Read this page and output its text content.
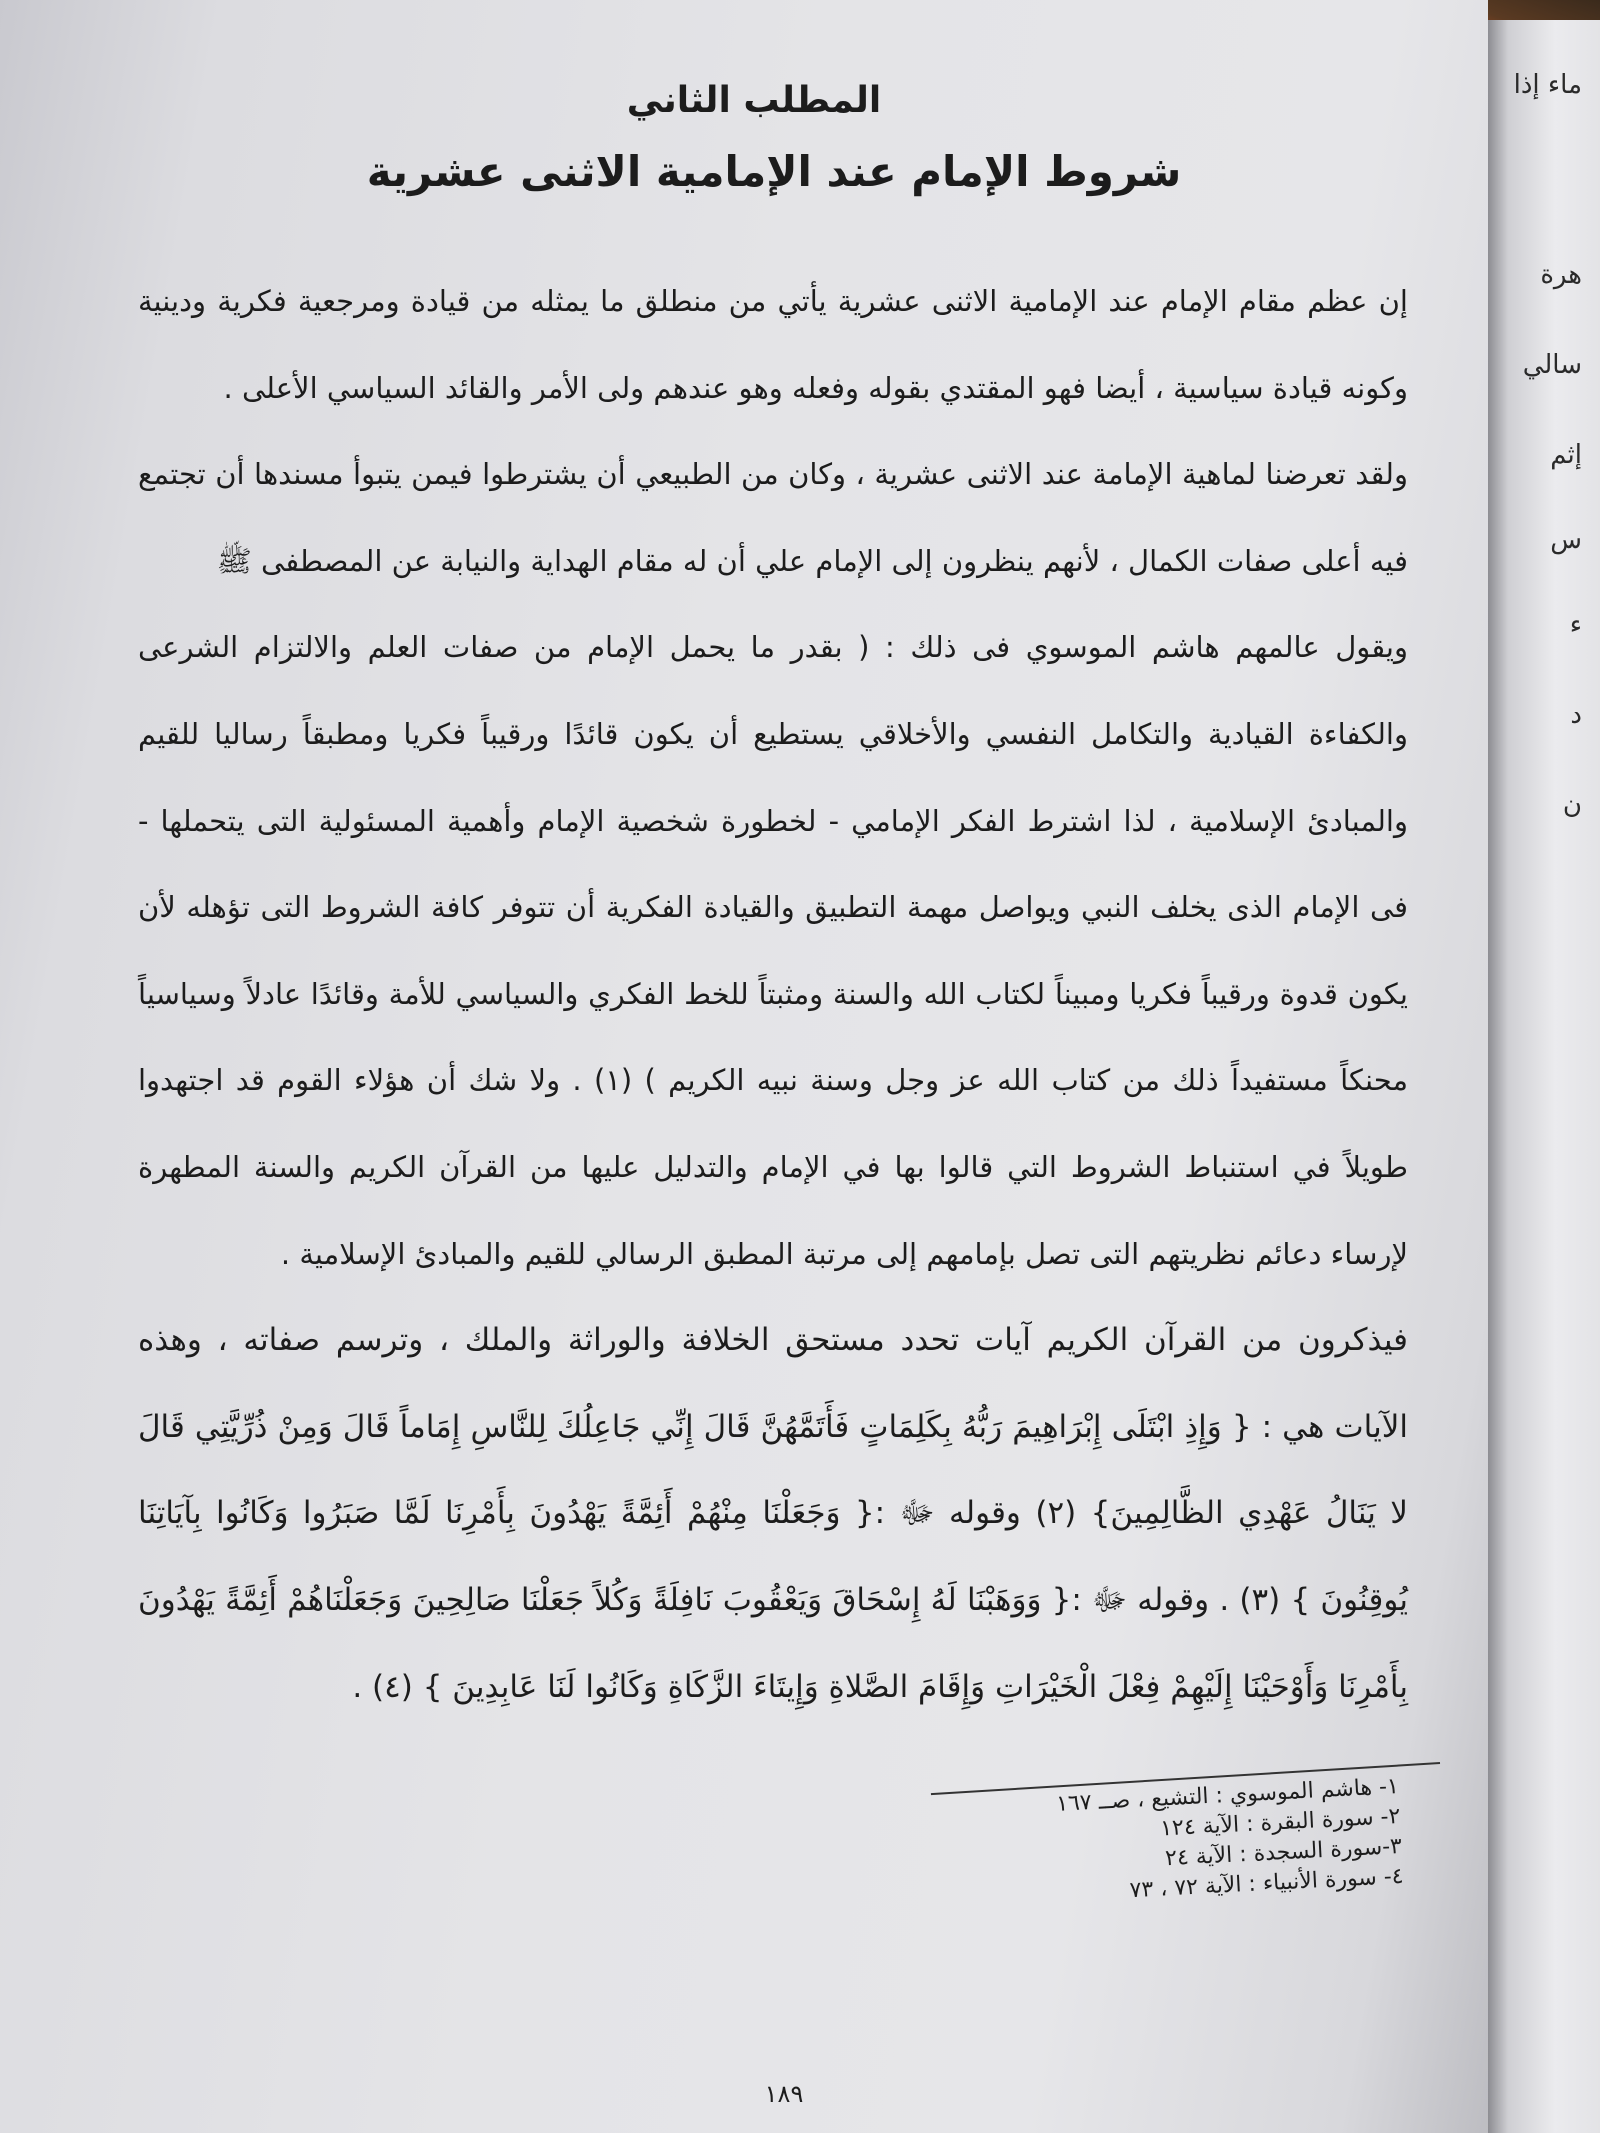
ماء إذا
هرة
سالي
إثم
س
ء
د
ن
المطلب الثاني
شروط الإمام عند الإمامية الاثنى عشرية

إن عظم مقام الإمام عند الإمامية الاثنى عشرية يأتي من منطلق ما يمثله من قيادة ومرجعية فكرية ودينية وكونه قيادة سياسية ، أيضا فهو المقتدي بقوله وفعله وهو عندهم ولى الأمر والقائد السياسي الأعلى .

ولقد تعرضنا لماهية الإمامة عند الاثنى عشرية ، وكان من الطبيعي أن يشترطوا فيمن يتبوأ مسندها أن تجتمع فيه أعلى صفات الكمال ، لأنهم ينظرون إلى الإمام علي أن له مقام الهداية والنيابة عن المصطفى ﷺ

ويقول عالمهم هاشم الموسوي فى ذلك : ( بقدر ما يحمل الإمام من صفات العلم والالتزام الشرعى والكفاءة القيادية والتكامل النفسي والأخلاقي يستطيع أن يكون قائدًا ورقيباً فكريا ومطبقاً رساليا للقيم والمبادئ الإسلامية ، لذا اشترط الفكر الإمامي - لخطورة شخصية الإمام وأهمية المسئولية التى يتحملها - فى الإمام الذى يخلف النبي ويواصل مهمة التطبيق والقيادة الفكرية أن تتوفر كافة الشروط التى تؤهله لأن يكون قدوة ورقيباً فكريا ومبيناً لكتاب الله والسنة ومثبتاً للخط الفكري والسياسي للأمة وقائدًا عادلاً وسياسياً محنكاً مستفيداً ذلك من كتاب الله عز وجل وسنة نبيه الكريم ) (١) . ولا شك أن هؤلاء القوم قد اجتهدوا طويلاً في استنباط الشروط التي قالوا بها في الإمام والتدليل عليها من القرآن الكريم والسنة المطهرة لإرساء دعائم نظريتهم التى تصل بإمامهم إلى مرتبة المطبق الرسالي للقيم والمبادئ الإسلامية .

فيذكرون من القرآن الكريم آيات تحدد مستحق الخلافة والوراثة والملك ، وترسم صفاته ، وهذه الآيات هي : { وَإِذِ ابْتَلَى إِبْرَاهِيمَ رَبُّهُ بِكَلِمَاتٍ فَأَتَمَّهُنَّ قَالَ إِنِّي جَاعِلُكَ لِلنَّاسِ إِمَاماً قَالَ وَمِنْ ذُرِّيَّتِي قَالَ لا يَنَالُ عَهْدِي الظَّالِمِينَ} (٢) وقوله ﷻ :{ وَجَعَلْنَا مِنْهُمْ أَئِمَّةً يَهْدُونَ بِأَمْرِنَا لَمَّا صَبَرُوا وَكَانُوا بِآيَاتِنَا يُوقِنُونَ } (٣) . وقوله ﷻ :{ وَوَهَبْنَا لَهُ إِسْحَاقَ وَيَعْقُوبَ نَافِلَةً وَكُلاً جَعَلْنَا صَالِحِينَ وَجَعَلْنَاهُمْ أَئِمَّةً يَهْدُونَ بِأَمْرِنَا وَأَوْحَيْنَا إِلَيْهِمْ فِعْلَ الْخَيْرَاتِ وَإِقَامَ الصَّلاةِ وَإِيتَاءَ الزَّكَاةِ وَكَانُوا لَنَا عَابِدِينَ } (٤) .

١- هاشم الموسوي : التشيع ، صــ ١٦٧
٢- سورة البقرة : الآية ١٢٤
٣-سورة السجدة : الآية ٢٤
٤- سورة الأنبياء : الآية ٧٢ ، ٧٣
١٨٩
